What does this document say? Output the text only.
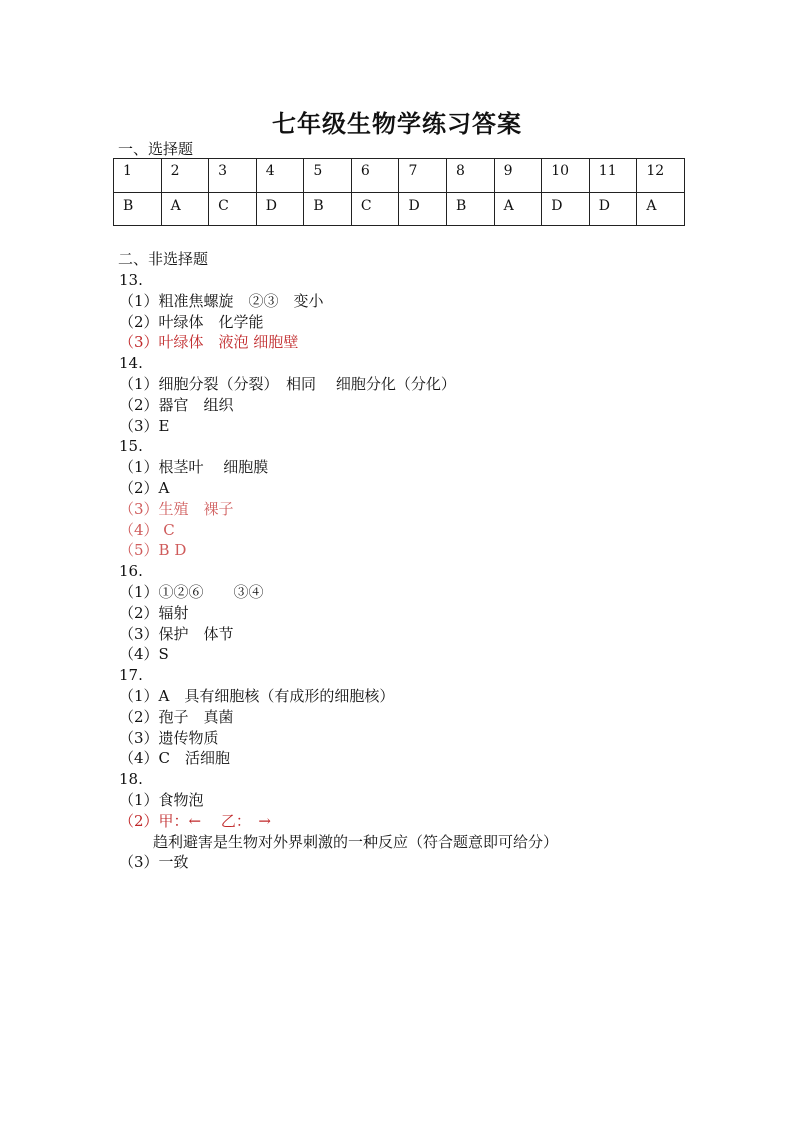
七年级生物学练习答案
一、选择题
1	2	3	4	5	6	7	8	9	10	11	12
B	A	C	D	B	C	D	B	A	D	D	A
二、非选择题
13.
（1）粗准焦螺旋　②③　变小
（2）叶绿体　化学能
（3）叶绿体　液泡 细胞壁
14.
（1）细胞分裂（分裂）　相同　 细胞分化（分化）
（2）器官　组织
（3）E
15.
（1）根茎叶　 细胞膜
（2）A
（3）生殖　裸子
（4） C
（5）B D
16.
（1）①②⑥　　③④
（2）辐射
（3）保护　体节
（4）S
17.
（1）A　具有细胞核（有成形的细胞核）
（2）孢子　真菌
（3）遗传物质
（4）C　活细胞
18.
（1）食物泡
（2）甲：←　 乙：　→
趋利避害是生物对外界刺激的一种反应（符合题意即可给分）
（3）一致
